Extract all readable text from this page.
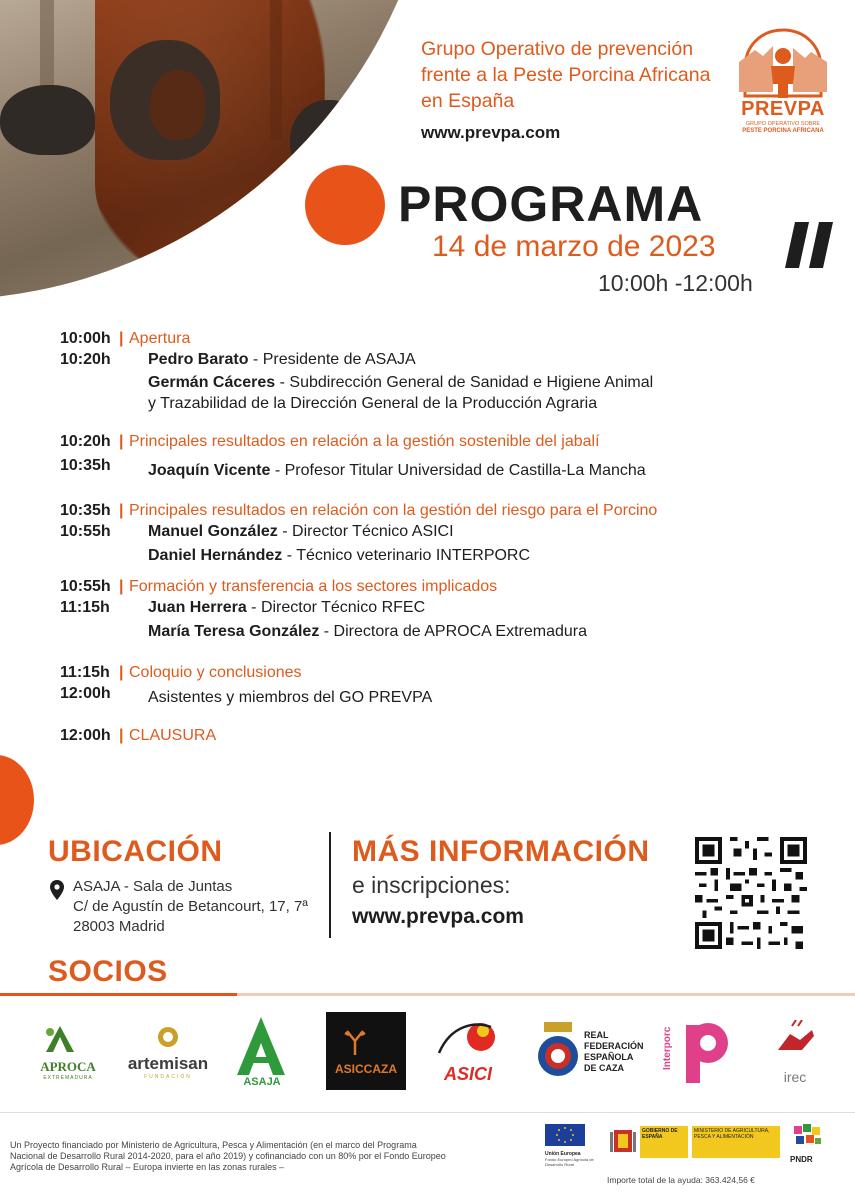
Grupo Operativo de prevención frente a la Peste Porcina Africana en España
www.prevpa.com
PREVPA
GRUPO OPERATIVO SOBRE
PESTE PORCINA AFRICANA
PROGRAMA
14 de marzo de 2023
10:00h -12:00h
10:00h | Apertura
10:20h Pedro Barato - Presidente de ASAJA
Germán Cáceres - Subdirección General de Sanidad e Higiene Animal
y Trazabilidad de la Dirección General de la Producción Agraria
10:20h | Principales resultados en relación a la gestión sostenible del jabalí
10:35h Joaquín Vicente - Profesor Titular Universidad de Castilla-La Mancha
10:35h | Principales resultados en relación con la gestión del riesgo para el Porcino
10:55h Manuel González - Director Técnico ASICI
Daniel Hernández - Técnico veterinario INTERPORC
10:55h | Formación y transferencia a los sectores implicados
11:15h Juan Herrera - Director Técnico RFEC
María Teresa González - Directora de APROCA Extremadura
11:15h | Coloquio y conclusiones
12:00h Asistentes y miembros del GO PREVPA
12:00h | CLAUSURA
UBICACIÓN
ASAJA - Sala de Juntas
C/ de Agustín de Betancourt, 17, 7ª
28003 Madrid
MÁS INFORMACIÓN
e inscripciones:
www.prevpa.com
SOCIOS
APROCA
EXTREMADURA
artemisan
FUNDACIÓN	ASAJA
ASICCAZA	ASICI
REAL FEDERACIÓN ESPAÑOLA DE CAZA	Interporc
irec
Un Proyecto financiado por Ministerio de Agricultura, Pesca y Alimentación (en el marco del Programa Nacional de Desarrollo Rural 2014-2020, para el año 2019) y cofinanciado con un 80% por el Fondo Europeo Agrícola de Desarrollo Rural – Europa invierte en las zonas rurales –
Unión Europea
Fondo Europeo Agrícola de Desarrollo Rural
GOBIERNO DE ESPAÑA
MINISTERIO DE AGRICULTURA, PESCA Y ALIMENTACIÓN
PNDR
Importe total de la ayuda: 363.424,56 €
